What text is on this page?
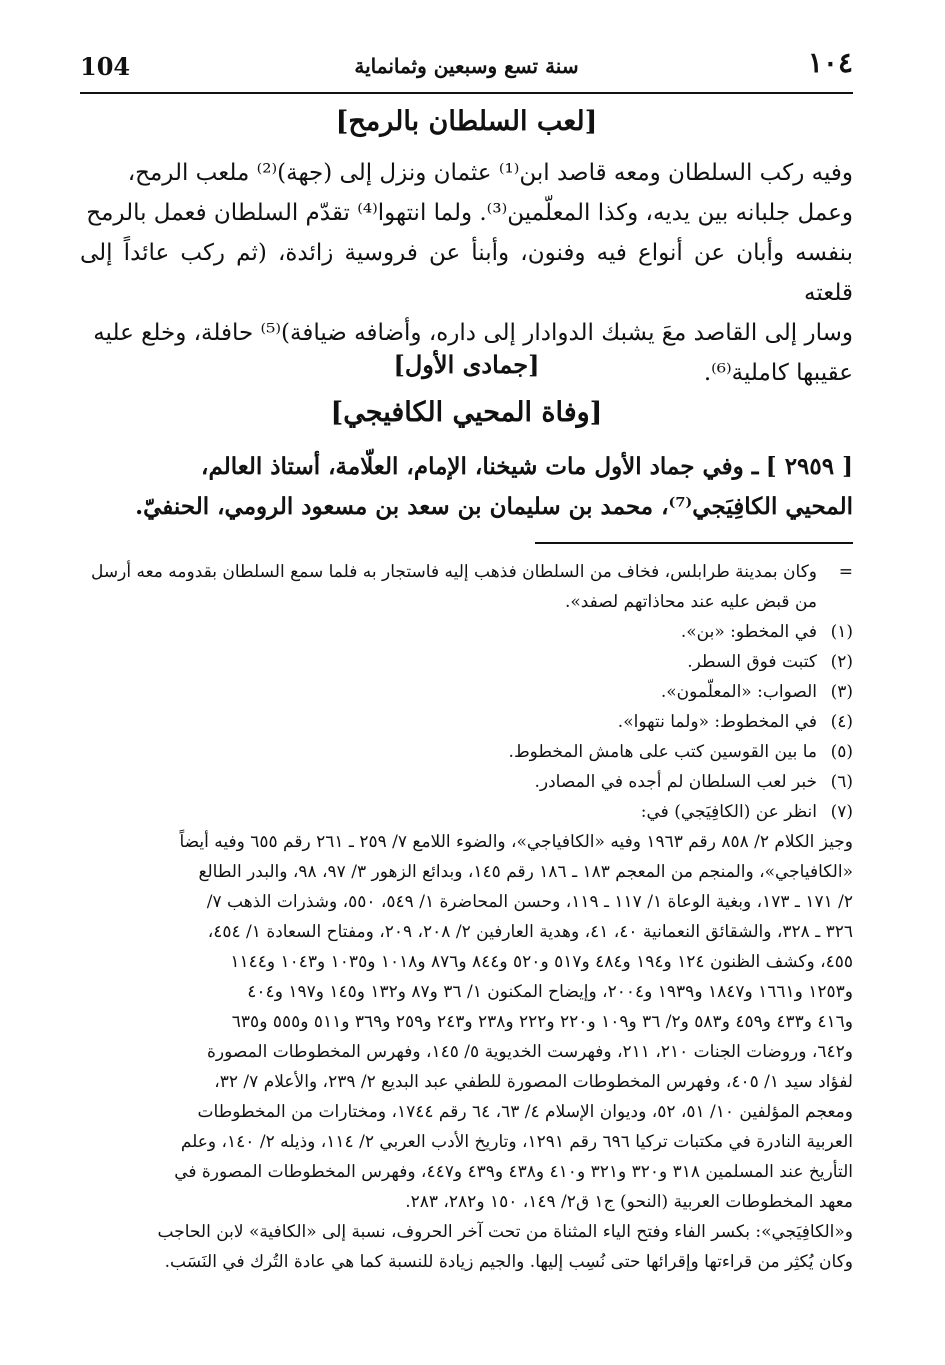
104	سنة تسع وسبعين وثمانماية	١٠٤
[لعب السلطان بالرمح]

وفيه ركب السلطان ومعه قاصد ابن⁽¹⁾ عثمان ونزل إلى (جهة)⁽²⁾ ملعب الرمح،

وعمل جلبانه بين يديه، وكذا المعلّمين⁽³⁾. ولما انتهوا⁽⁴⁾ تقدّم السلطان فعمل بالرمح

بنفسه وأبان عن أنواع فيه وفنون، وأبنأ عن فروسية زائدة، (ثم ركب عائداً إلى قلعته

وسار إلى القاصد معَ يشبك الدوادار إلى داره، وأضافه ضيافة)⁽⁵⁾ حافلة، وخلع عليه

عقيبها كاملية⁽⁶⁾.

[جمادى الأول]
[وفاة المحيي الكافيجي]

[ ٢٩٥٩ ] ـ وفي جماد الأول مات شيخنا، الإمام، العلّامة، أستاذ العالم،

المحيي الكافِيَجي⁽⁷⁾، محمد بن سليمان بن سعد بن مسعود الرومي، الحنفيّ.

=وكان بمدينة طرابلس، فخاف من السلطان فذهب إليه فاستجار به فلما سمع السلطان بقدومه معه أرسل
من قبض عليه عند محاذاتهم لصفد».
(١)في المخطو: «بن».
(٢)كتبت فوق السطر.
(٣)الصواب: «المعلّمون».
(٤)في المخطوط: «ولما نتهوا».
(٥)ما بين القوسين كتب على هامش المخطوط.
(٦)خبر لعب السلطان لم أجده في المصادر.
(٧)انظر عن (الكافِيَجي) في:
وجيز الكلام ٢/ ٨٥٨ رقم ١٩٦٣ وفيه «الكافياجي»، والضوء اللامع ٧/ ٢٥٩ ـ ٢٦١ رقم ٦٥٥ وفيه أيضاً
«الكافياجي»، والمنجم من المعجم ١٨٣ ـ ١٨٦ رقم ١٤٥، وبدائع الزهور ٣/ ٩٧، ٩٨، والبدر الطالع
٢/ ١٧١ ـ ١٧٣، وبغية الوعاة ١/ ١١٧ ـ ١١٩، وحسن المحاضرة ١/ ٥٤٩، ٥٥٠، وشذرات الذهب ٧/
٣٢٦ ـ ٣٢٨، والشقائق النعمانية ٤٠، ٤١، وهدية العارفين ٢/ ٢٠٨، ٢٠٩، ومفتاح السعادة ١/ ٤٥٤،
٤٥٥، وكشف الظنون ١٢٤ و١٩٤ و٤٨٤ و٥١٧ و٥٢٠ و٨٤٤ و٨٧٦ و١٠١٨ و١٠٣٥ و١٠٤٣ و١١٤٤
و١٢٥٣ و١٦٦١ و١٨٤٧ و١٩٣٩ و٢٠٠٤، وإيضاح المكنون ١/ ٣٦ و٨٧ و١٣٢ و١٤٥ و١٩٧ و٤٠٤
و٤١٦ و٤٣٣ و٤٥٩ و٥٨٣ و٢/ ٣٦ و١٠٩ و٢٢٠ و٢٢٢ و٢٣٨ و٢٤٣ و٢٥٩ و٣٦٩ و٥١١ و٥٥٥ و٦٣٥
و٦٤٢، وروضات الجنات ٢١٠، ٢١١، وفهرست الخديوية ٥/ ١٤٥، وفهرس المخطوطات المصورة
لفؤاد سيد ١/ ٤٠٥، وفهرس المخطوطات المصورة للطفي عبد البديع ٢/ ٢٣٩، والأعلام ٧/ ٣٢،
ومعجم المؤلفين ١٠/ ٥١، ٥٢، وديوان الإسلام ٤/ ٦٣، ٦٤ رقم ١٧٤٤، ومختارات من المخطوطات
العربية النادرة في مكتبات تركيا ٦٩٦ رقم ١٢٩١، وتاريخ الأدب العربي ٢/ ١١٤، وذيله ٢/ ١٤٠، وعلم
التأريخ عند المسلمين ٣١٨ و٣٢٠ و٣٢١ و٤١٠ و٤٣٨ و٤٣٩ و٤٤٧، وفهرس المخطوطات المصورة في
معهد المخطوطات العربية (النحو) ج١ ق٢/ ١٤٩، ١٥٠ و٢٨٢، ٢٨٣.
و«الكافِيَجي»: بكسر الفاء وفتح الياء المثناة من تحت آخر الحروف، نسبة إلى «الكافية» لابن الحاجب
وكان يُكثِر من قراءتها وإقرائها حتى نُسِب إليها. والجيم زيادة للنسبة كما هي عادة التُرك في النَسَب.
